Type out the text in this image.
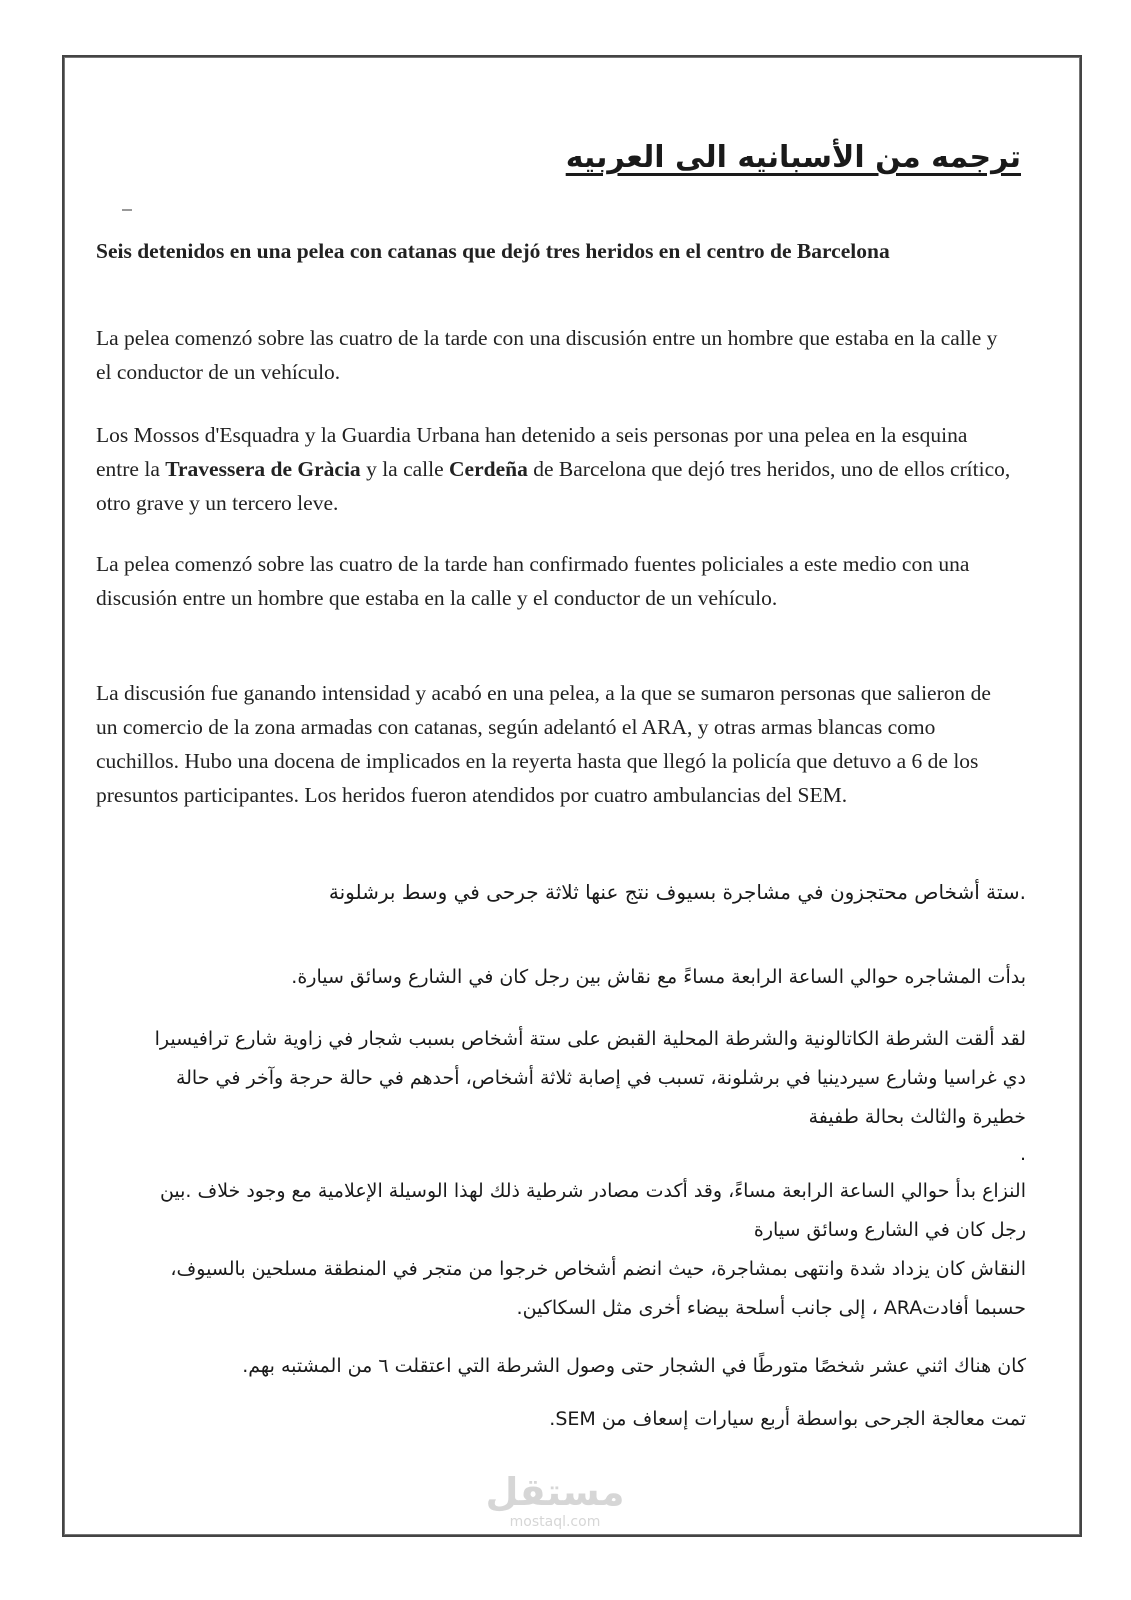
ترجمه من الأسبانيه الى العربيه
Seis detenidos en una pelea con catanas que dejó tres heridos en el centro de Barcelona
La pelea comenzó sobre las cuatro de la tarde con una discusión entre un hombre que estaba en la calle y el conductor de un vehículo.
Los Mossos d'Esquadra y la Guardia Urbana han detenido a seis personas por una pelea en la esquina entre la Travessera de Gràcia y la calle Cerdeña de Barcelona que dejó tres heridos, uno de ellos crítico, otro grave y un tercero leve.
La pelea comenzó sobre las cuatro de la tarde han confirmado fuentes policiales a este medio con una discusión entre un hombre que estaba en la calle y el conductor de un vehículo.
La discusión fue ganando intensidad y acabó en una pelea, a la que se sumaron personas que salieron de un comercio de la zona armadas con catanas, según adelantó el ARA, y otras armas blancas como cuchillos. Hubo una docena de implicados en la reyerta hasta que llegó la policía que detuvo a 6 de los presuntos participantes. Los heridos fueron atendidos por cuatro ambulancias del SEM.
.ستة أشخاص محتجزون في مشاجرة بسيوف نتج عنها ثلاثة جرحى في وسط برشلونة
بدأت المشاجره حوالي الساعة الرابعة مساءً مع نقاش بين رجل كان في الشارع وسائق سيارة.
لقد ألقت الشرطة الكاتالونية والشرطة المحلية القبض على ستة أشخاص بسبب شجار في زاوية شارع ترافيسيرا دي غراسيا وشارع سيردينيا في برشلونة، تسبب في إصابة ثلاثة أشخاص، أحدهم في حالة حرجة وآخر في حالة خطيرة والثالث بحالة طفيفة
.
النزاع بدأ حوالي الساعة الرابعة مساءً، وقد أكدت مصادر شرطية ذلك لهذا الوسيلة الإعلامية مع وجود خلاف .بين رجل كان في الشارع وسائق سيارة
النقاش كان يزداد شدة وانتهى بمشاجرة، حيث انضم أشخاص خرجوا من متجر في المنطقة مسلحين بالسيوف، حسبما أفادتARA ، إلى جانب أسلحة بيضاء أخرى مثل السكاكين.
كان هناك اثني عشر شخصًا متورطًا في الشجار حتى وصول الشرطة التي اعتقلت ٦ من المشتبه بهم.
تمت معالجة الجرحى بواسطة أربع سيارات إسعاف من SEM.
مستقل
mostaql.com
